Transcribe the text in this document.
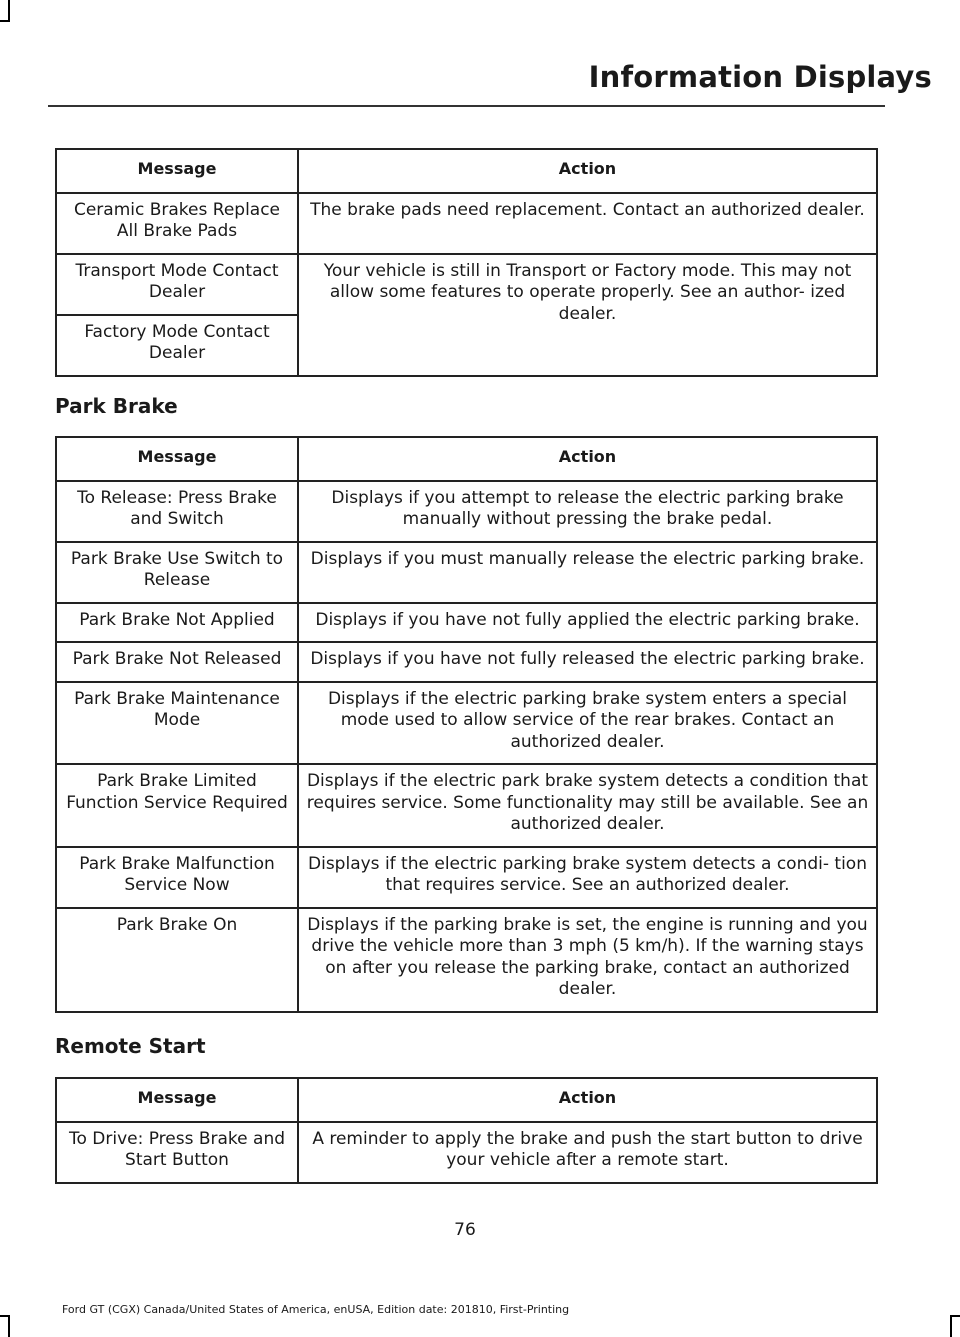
Information Displays
Message	Action
Ceramic Brakes Replace All Brake Pads	The brake pads need replacement. Contact an authorized dealer.
Transport Mode Contact Dealer	Your vehicle is still in Transport or Factory mode. This may not allow some features to operate properly. See an author- ized dealer.
Factory Mode Contact Dealer	
Park Brake
Message	Action
To Release: Press Brake and Switch	Displays if you attempt to release the electric parking brake manually without pressing the brake pedal.
Park Brake Use Switch to Release	Displays if you must manually release the electric parking brake.
Park Brake Not Applied	Displays if you have not fully applied the electric parking brake.
Park Brake Not Released	Displays if you have not fully released the electric parking brake.
Park Brake Maintenance Mode	Displays if the electric parking brake system enters a special mode used to allow service of the rear brakes. Contact an authorized dealer.
Park Brake Limited Function Service Required	Displays if the electric park brake system detects a condition that requires service. Some functionality may still be available. See an authorized dealer.
Park Brake Malfunction Service Now	Displays if the electric parking brake system detects a condi- tion that requires service. See an authorized dealer.
Park Brake On	Displays if the parking brake is set, the engine is running and you drive the vehicle more than 3 mph (5 km/h). If the warning stays on after you release the parking brake, contact an authorized dealer.
Remote Start
Message	Action
To Drive: Press Brake and Start Button	A reminder to apply the brake and push the start button to drive your vehicle after a remote start.

76

Ford GT (CGX) Canada/United States of America, enUSA, Edition date: 201810, First-Printing
